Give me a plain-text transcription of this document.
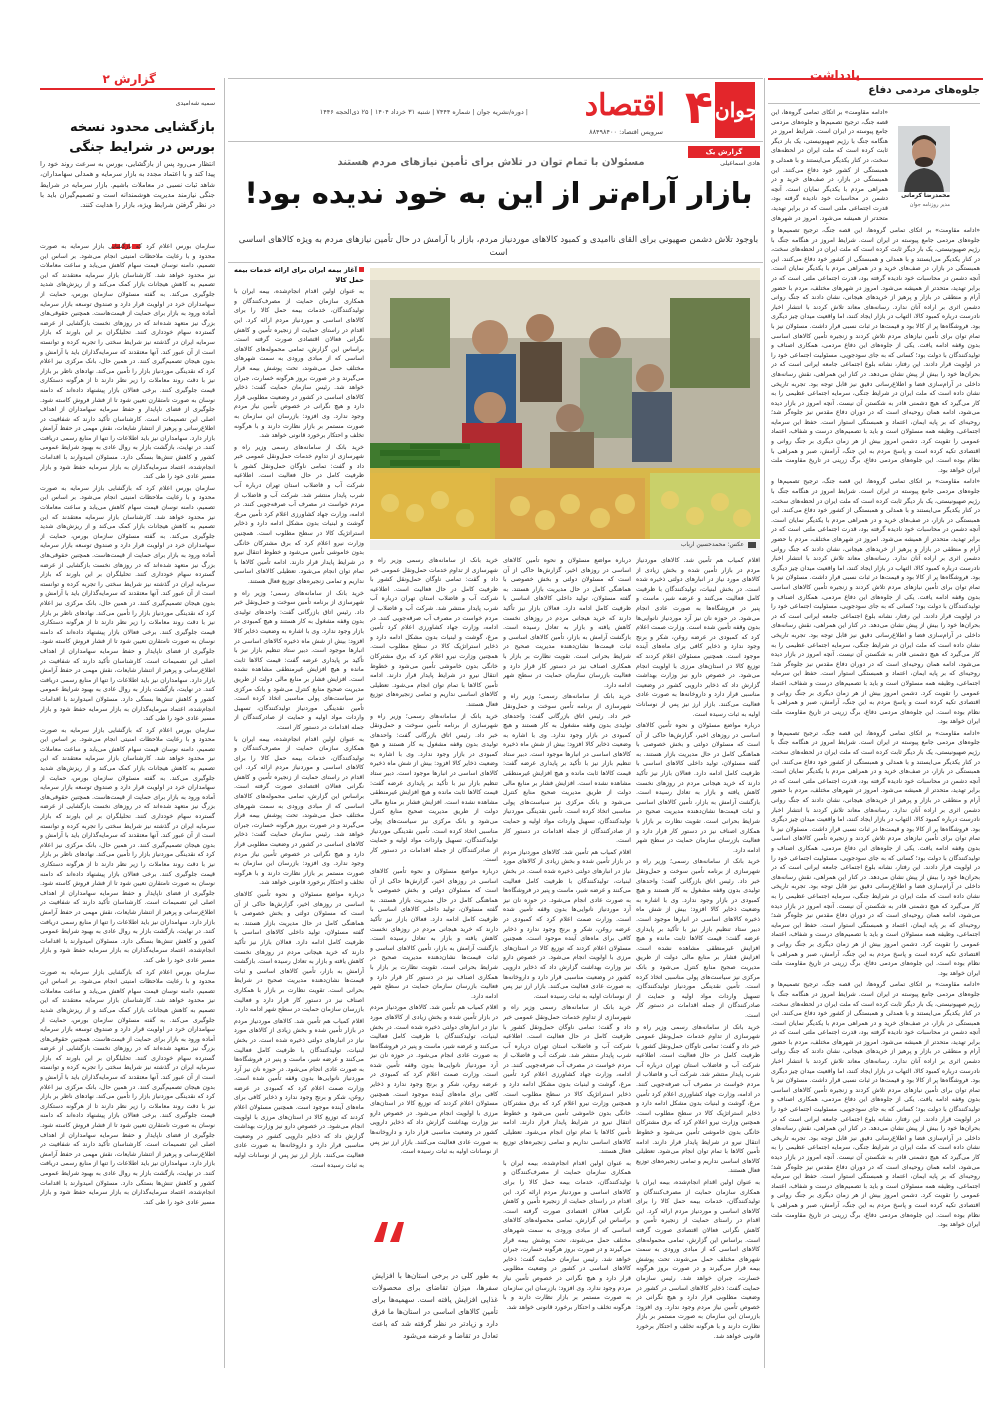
جوان
۴
اقتصاد
| دوره/نشریه جوان | شماره ۷۴۴۴ | شنبه ۳۱ خرداد ۱۴۰۴ | ۲۵ ذی‌الحجه ۱۴۴۶
سرویس اقتصاد: ۸۸۴۹۸۴۰۰
یادداشت
جلوه‌های مردمی دفاع
محمدرضا کرمانی
مدیر روزنامه جوان

«ادامه مقاومت» بر اتکای تمامی گروه‌ها، این قصه جنگ، ترجیح تصمیم‌ها و جلوه‌های مردمی جامع پیوسته در ایران است. شرایط امروز در هنگامه جنگ با رژیم صهیونیستی، یک بار دیگر ثابت کرده است که ملت ایران در لحظه‌های سخت، در کنار یکدیگر می‌ایستند و با همدلی و همبستگی از کشور خود دفاع می‌کنند. این همبستگی در بازار، در صف‌های خرید و در همراهی مردم با یکدیگر نمایان است. آنچه دشمن در محاسبات خود نادیده گرفته بود، قدرت اجتماعی ملتی است که در برابر تهدید، متحدتر از همیشه می‌شود. امروز در شهرهای

«ادامه مقاومت» بر اتکای تمامی گروه‌ها، این قصه جنگ، ترجیح تصمیم‌ها و جلوه‌های مردمی جامع پیوسته در ایران است. شرایط امروز در هنگامه جنگ با رژیم صهیونیستی، یک بار دیگر ثابت کرده است که ملت ایران در لحظه‌های سخت، در کنار یکدیگر می‌ایستند و با همدلی و همبستگی از کشور خود دفاع می‌کنند. این همبستگی در بازار، در صف‌های خرید و در همراهی مردم با یکدیگر نمایان است. آنچه دشمن در محاسبات خود نادیده گرفته بود، قدرت اجتماعی ملتی است که در برابر تهدید، متحدتر از همیشه می‌شود. امروز در شهرهای مختلف، مردم با حضور آرام و منطقی در بازار و پرهیز از خریدهای هیجانی، نشان دادند که جنگ روانی دشمن اثری بر اراده آنان ندارد. رسانه‌های معاند تلاش کردند با انتشار اخبار نادرست درباره کمبود کالا، التهاب در بازار ایجاد کنند، اما واقعیت میدان چیز دیگری بود. فروشگاه‌ها پر از کالا بود و قیمت‌ها در ثبات نسبی قرار داشت. مسئولان نیز با تمام توان برای تأمین نیازهای مردم تلاش کردند و زنجیره تأمین کالاهای اساسی بدون وقفه ادامه یافت. یکی از جلوه‌های این دفاع مردمی، همکاری اصناف و تولیدکنندگان با دولت بود؛ کسانی که به جای سودجویی، مسئولیت اجتماعی خود را در اولویت قرار دادند. این رفتار، نشانه بلوغ اجتماعی جامعه ایرانی است که در بحران‌ها خود را بیش از پیش نشان می‌دهد. در کنار این همراهی، نقش رسانه‌های داخلی در آرام‌سازی فضا و اطلاع‌رسانی دقیق نیز قابل توجه بود. تجربه تاریخی نشان داده است که ملت ایران در شرایط جنگی، سرمایه اجتماعی عظیمی را به کار می‌گیرد که هیچ دشمنی قادر به شکستن آن نیست. آنچه امروز در بازار دیده می‌شود، ادامه همان روحیه‌ای است که در دوران دفاع مقدس نیز جلوه‌گر شد؛ روحیه‌ای که بر پایه ایمان، اعتماد و همبستگی استوار است. حفظ این سرمایه اجتماعی، وظیفه همه مسئولان است و باید با تصمیم‌های درست و شفاف، اعتماد عمومی را تقویت کرد. دشمن امروز بیش از هر زمان دیگری بر جنگ روانی و اقتصادی تکیه کرده است و پاسخ مردم به این جنگ، آرامش، صبر و همراهی با نظام بوده است. این جلوه‌های مردمی دفاع، برگ زرینی در تاریخ مقاومت ملت ایران خواهد بود.

«ادامه مقاومت» بر اتکای تمامی گروه‌ها، این قصه جنگ، ترجیح تصمیم‌ها و جلوه‌های مردمی جامع پیوسته در ایران است. شرایط امروز در هنگامه جنگ با رژیم صهیونیستی، یک بار دیگر ثابت کرده است که ملت ایران در لحظه‌های سخت، در کنار یکدیگر می‌ایستند و با همدلی و همبستگی از کشور خود دفاع می‌کنند. این همبستگی در بازار، در صف‌های خرید و در همراهی مردم با یکدیگر نمایان است. آنچه دشمن در محاسبات خود نادیده گرفته بود، قدرت اجتماعی ملتی است که در برابر تهدید، متحدتر از همیشه می‌شود. امروز در شهرهای مختلف، مردم با حضور آرام و منطقی در بازار و پرهیز از خریدهای هیجانی، نشان دادند که جنگ روانی دشمن اثری بر اراده آنان ندارد. رسانه‌های معاند تلاش کردند با انتشار اخبار نادرست درباره کمبود کالا، التهاب در بازار ایجاد کنند، اما واقعیت میدان چیز دیگری بود. فروشگاه‌ها پر از کالا بود و قیمت‌ها در ثبات نسبی قرار داشت. مسئولان نیز با تمام توان برای تأمین نیازهای مردم تلاش کردند و زنجیره تأمین کالاهای اساسی بدون وقفه ادامه یافت. یکی از جلوه‌های این دفاع مردمی، همکاری اصناف و تولیدکنندگان با دولت بود؛ کسانی که به جای سودجویی، مسئولیت اجتماعی خود را در اولویت قرار دادند. این رفتار، نشانه بلوغ اجتماعی جامعه ایرانی است که در بحران‌ها خود را بیش از پیش نشان می‌دهد. در کنار این همراهی، نقش رسانه‌های داخلی در آرام‌سازی فضا و اطلاع‌رسانی دقیق نیز قابل توجه بود. تجربه تاریخی نشان داده است که ملت ایران در شرایط جنگی، سرمایه اجتماعی عظیمی را به کار می‌گیرد که هیچ دشمنی قادر به شکستن آن نیست. آنچه امروز در بازار دیده می‌شود، ادامه همان روحیه‌ای است که در دوران دفاع مقدس نیز جلوه‌گر شد؛ روحیه‌ای که بر پایه ایمان، اعتماد و همبستگی استوار است. حفظ این سرمایه اجتماعی، وظیفه همه مسئولان است و باید با تصمیم‌های درست و شفاف، اعتماد عمومی را تقویت کرد. دشمن امروز بیش از هر زمان دیگری بر جنگ روانی و اقتصادی تکیه کرده است و پاسخ مردم به این جنگ، آرامش، صبر و همراهی با نظام بوده است. این جلوه‌های مردمی دفاع، برگ زرینی در تاریخ مقاومت ملت ایران خواهد بود.

«ادامه مقاومت» بر اتکای تمامی گروه‌ها، این قصه جنگ، ترجیح تصمیم‌ها و جلوه‌های مردمی جامع پیوسته در ایران است. شرایط امروز در هنگامه جنگ با رژیم صهیونیستی، یک بار دیگر ثابت کرده است که ملت ایران در لحظه‌های سخت، در کنار یکدیگر می‌ایستند و با همدلی و همبستگی از کشور خود دفاع می‌کنند. این همبستگی در بازار، در صف‌های خرید و در همراهی مردم با یکدیگر نمایان است. آنچه دشمن در محاسبات خود نادیده گرفته بود، قدرت اجتماعی ملتی است که در برابر تهدید، متحدتر از همیشه می‌شود. امروز در شهرهای مختلف، مردم با حضور آرام و منطقی در بازار و پرهیز از خریدهای هیجانی، نشان دادند که جنگ روانی دشمن اثری بر اراده آنان ندارد. رسانه‌های معاند تلاش کردند با انتشار اخبار نادرست درباره کمبود کالا، التهاب در بازار ایجاد کنند، اما واقعیت میدان چیز دیگری بود. فروشگاه‌ها پر از کالا بود و قیمت‌ها در ثبات نسبی قرار داشت. مسئولان نیز با تمام توان برای تأمین نیازهای مردم تلاش کردند و زنجیره تأمین کالاهای اساسی بدون وقفه ادامه یافت. یکی از جلوه‌های این دفاع مردمی، همکاری اصناف و تولیدکنندگان با دولت بود؛ کسانی که به جای سودجویی، مسئولیت اجتماعی خود را در اولویت قرار دادند. این رفتار، نشانه بلوغ اجتماعی جامعه ایرانی است که در بحران‌ها خود را بیش از پیش نشان می‌دهد. در کنار این همراهی، نقش رسانه‌های داخلی در آرام‌سازی فضا و اطلاع‌رسانی دقیق نیز قابل توجه بود. تجربه تاریخی نشان داده است که ملت ایران در شرایط جنگی، سرمایه اجتماعی عظیمی را به کار می‌گیرد که هیچ دشمنی قادر به شکستن آن نیست. آنچه امروز در بازار دیده می‌شود، ادامه همان روحیه‌ای است که در دوران دفاع مقدس نیز جلوه‌گر شد؛ روحیه‌ای که بر پایه ایمان، اعتماد و همبستگی استوار است. حفظ این سرمایه اجتماعی، وظیفه همه مسئولان است و باید با تصمیم‌های درست و شفاف، اعتماد عمومی را تقویت کرد. دشمن امروز بیش از هر زمان دیگری بر جنگ روانی و اقتصادی تکیه کرده است و پاسخ مردم به این جنگ، آرامش، صبر و همراهی با نظام بوده است. این جلوه‌های مردمی دفاع، برگ زرینی در تاریخ مقاومت ملت ایران خواهد بود.

«ادامه مقاومت» بر اتکای تمامی گروه‌ها، این قصه جنگ، ترجیح تصمیم‌ها و جلوه‌های مردمی جامع پیوسته در ایران است. شرایط امروز در هنگامه جنگ با رژیم صهیونیستی، یک بار دیگر ثابت کرده است که ملت ایران در لحظه‌های سخت، در کنار یکدیگر می‌ایستند و با همدلی و همبستگی از کشور خود دفاع می‌کنند. این همبستگی در بازار، در صف‌های خرید و در همراهی مردم با یکدیگر نمایان است. آنچه دشمن در محاسبات خود نادیده گرفته بود، قدرت اجتماعی ملتی است که در برابر تهدید، متحدتر از همیشه می‌شود. امروز در شهرهای مختلف، مردم با حضور آرام و منطقی در بازار و پرهیز از خریدهای هیجانی، نشان دادند که جنگ روانی دشمن اثری بر اراده آنان ندارد. رسانه‌های معاند تلاش کردند با انتشار اخبار نادرست درباره کمبود کالا، التهاب در بازار ایجاد کنند، اما واقعیت میدان چیز دیگری بود. فروشگاه‌ها پر از کالا بود و قیمت‌ها در ثبات نسبی قرار داشت. مسئولان نیز با تمام توان برای تأمین نیازهای مردم تلاش کردند و زنجیره تأمین کالاهای اساسی بدون وقفه ادامه یافت. یکی از جلوه‌های این دفاع مردمی، همکاری اصناف و تولیدکنندگان با دولت بود؛ کسانی که به جای سودجویی، مسئولیت اجتماعی خود را در اولویت قرار دادند. این رفتار، نشانه بلوغ اجتماعی جامعه ایرانی است که در بحران‌ها خود را بیش از پیش نشان می‌دهد. در کنار این همراهی، نقش رسانه‌های داخلی در آرام‌سازی فضا و اطلاع‌رسانی دقیق نیز قابل توجه بود. تجربه تاریخی نشان داده است که ملت ایران در شرایط جنگی، سرمایه اجتماعی عظیمی را به کار می‌گیرد که هیچ دشمنی قادر به شکستن آن نیست. آنچه امروز در بازار دیده می‌شود، ادامه همان روحیه‌ای است که در دوران دفاع مقدس نیز جلوه‌گر شد؛ روحیه‌ای که بر پایه ایمان، اعتماد و همبستگی استوار است. حفظ این سرمایه اجتماعی، وظیفه همه مسئولان است و باید با تصمیم‌های درست و شفاف، اعتماد عمومی را تقویت کرد. دشمن امروز بیش از هر زمان دیگری بر جنگ روانی و اقتصادی تکیه کرده است و پاسخ مردم به این جنگ، آرامش، صبر و همراهی با نظام بوده است. این جلوه‌های مردمی دفاع، برگ زرینی در تاریخ مقاومت ملت ایران خواهد بود.

گزارش یک
هادی اسماعیلی
مسئولان با تمام توان در تلاش برای تأمین نیازهای مردم هستند
بازار آرام‌تر از این به خود ندیده بود!
باوجود تلاش دشمن صهیونی برای القای ناامیدی و کمبود کالاهای موردنیاز مردم، بازار با آرامش در حال تأمین نیازهای مردم به ویژه کالاهای اساسی است
عکس: محمدحسین ارباب

آغاز بیمه ایران برای ارائه خدمات بیمه حمل کالا

به عنوان اولین اقدام انجام‌شده، بیمه ایران با همکاری سازمان حمایت از مصرف‌کنندگان و تولیدکنندگان، خدمات بیمه حمل کالا را برای کالاهای اساسی و موردنیاز مردم ارائه کرد. این اقدام در راستای حمایت از زنجیره تأمین و کاهش نگرانی فعالان اقتصادی صورت گرفته است. براساس این گزارش، تمامی محموله‌های کالاهای اساسی که از مبادی ورودی به سمت شهرهای مختلف حمل می‌شوند، تحت پوشش بیمه قرار می‌گیرند و در صورت بروز هرگونه خسارت، جبران خواهد شد. رئیس سازمان حمایت گفت: ذخایر کالاهای اساسی در کشور در وضعیت مطلوبی قرار دارد و هیچ نگرانی در خصوص تأمین نیاز مردم وجود ندارد. وی افزود: بازرسان این سازمان به صورت مستمر بر بازار نظارت دارند و با هرگونه تخلف و احتکار برخورد قانونی خواهد شد.

خرید بانک از سامانه‌های رسمی وزیر راه و شهرسازی از تداوم خدمات حمل‌ونقل عمومی خبر داد و گفت: تمامی ناوگان حمل‌ونقل کشور با ظرفیت کامل در حال فعالیت است. اطلاعیه شرکت آب و فاضلاب استان تهران درباره آب شرب پایدار منتشر شد. شرکت آب و فاضلاب از مردم خواست در مصرف آب صرفه‌جویی کنند. در ادامه، وزارت جهاد کشاورزی اعلام کرد تأمین مرغ، گوشت و لبنیات بدون مشکل ادامه دارد و ذخایر استراتژیک کالا در سطح مطلوب است. همچنین وزارت نیرو اعلام کرد که برق مشترکان خانگی بدون خاموشی تأمین می‌شود و خطوط انتقال نیرو در شرایط پایدار قرار دارند. ادامه تأمین کالاها با تمام توان انجام می‌شود. تعطیلی کالاهای اساسی نداریم و تمامی زنجیره‌های توزیع فعال هستند.

خرید بانک از سامانه‌های رسمی؛ وزیر راه و شهرسازی از برنامه تأمین سوخت و حمل‌ونقل خبر داد. رئیس اتاق بازرگانی گفت: واحدهای تولیدی بدون وقفه مشغول به کار هستند و هیچ کمبودی در بازار وجود ندارد. وی با اشاره به وضعیت ذخایر کالا افزود: بیش از شش ماه ذخیره کالاهای اساسی در انبارها موجود است. دبیر ستاد تنظیم بازار نیز با تأکید بر پایداری عرضه گفت: قیمت کالاها ثابت مانده و هیچ افزایش غیرمنطقی مشاهده نشده است. افزایش فشار بر منابع مالی دولت از طریق مدیریت صحیح منابع کنترل می‌شود و بانک مرکزی نیز سیاست‌های پولی مناسبی اتخاذ کرده است. تأمین نقدینگی موردنیاز تولیدکنندگان، تسهیل واردات مواد اولیه و حمایت از صادرکنندگان از جمله اقدامات در دستور کار است.

به عنوان اولین اقدام انجام‌شده، بیمه ایران با همکاری سازمان حمایت از مصرف‌کنندگان و تولیدکنندگان، خدمات بیمه حمل کالا را برای کالاهای اساسی و موردنیاز مردم ارائه کرد. این اقدام در راستای حمایت از زنجیره تأمین و کاهش نگرانی فعالان اقتصادی صورت گرفته است. براساس این گزارش، تمامی محموله‌های کالاهای اساسی که از مبادی ورودی به سمت شهرهای مختلف حمل می‌شوند، تحت پوشش بیمه قرار می‌گیرند و در صورت بروز هرگونه خسارت، جبران خواهد شد. رئیس سازمان حمایت گفت: ذخایر کالاهای اساسی در کشور در وضعیت مطلوبی قرار دارد و هیچ نگرانی در خصوص تأمین نیاز مردم وجود ندارد. وی افزود: بازرسان این سازمان به صورت مستمر بر بازار نظارت دارند و با هرگونه تخلف و احتکار برخورد قانونی خواهد شد.

درباره مواضع مسئولان و نحوه تأمین کالاهای اساسی در روزهای اخیر، گزارش‌ها حاکی از آن است که مسئولان دولتی و بخش خصوصی با هماهنگی کامل در حال مدیریت بازار هستند. به گفته مسئولان، تولید داخلی کالاهای اساسی با ظرفیت کامل ادامه دارد. فعالان بازار نیز تأکید دارند که خرید هیجانی مردم در روزهای نخست کاهش یافته و بازار به تعادل رسیده است. بازگشت آرامش به بازار، تأمین کالاهای اساسی و ثبات قیمت‌ها نشان‌دهنده مدیریت صحیح در شرایط بحرانی است. تقویت نظارت بر بازار با همکاری اصناف نیز در دستور کار قرار دارد و فعالیت بازرسان سازمان حمایت در سطح شهر ادامه دارد.

اقلام کمیاب هم تأمین شد. کالاهای موردنیاز مردم در بازار تأمین شده و بخش زیادی از کالاهای مورد نیاز در انبارهای دولتی ذخیره شده است. در بخش لبنیات، تولیدکنندگان با ظرفیت کامل فعالیت می‌کنند و عرضه شیر، ماست و پنیر در فروشگاه‌ها به صورت عادی انجام می‌شود. در حوزه نان نیز آرد موردنیاز نانوایی‌ها بدون وقفه تأمین شده است. وزارت صمت اعلام کرد که کمبودی در عرضه روغن، شکر و برنج وجود ندارد و ذخایر کافی برای ماه‌های آینده موجود است. همچنین مسئولان اعلام کردند که توزیع کالا در استان‌های مرزی با اولویت انجام می‌شود. در خصوص دارو نیز وزارت بهداشت گزارش داد که ذخایر دارویی کشور در وضعیت مناسبی قرار دارد و داروخانه‌ها به صورت عادی فعالیت می‌کنند. بازار ارز نیز پس از نوسانات اولیه به ثبات رسیده است.

خرید بانک از سامانه‌های رسمی وزیر راه و شهرسازی از تداوم خدمات حمل‌ونقل عمومی خبر داد و گفت: تمامی ناوگان حمل‌ونقل کشور با ظرفیت کامل در حال فعالیت است. اطلاعیه شرکت آب و فاضلاب استان تهران درباره آب شرب پایدار منتشر شد. شرکت آب و فاضلاب از مردم خواست در مصرف آب صرفه‌جویی کنند. در ادامه، وزارت جهاد کشاورزی اعلام کرد تأمین مرغ، گوشت و لبنیات بدون مشکل ادامه دارد و ذخایر استراتژیک کالا در سطح مطلوب است. همچنین وزارت نیرو اعلام کرد که برق مشترکان خانگی بدون خاموشی تأمین می‌شود و خطوط انتقال نیرو در شرایط پایدار قرار دارند. ادامه تأمین کالاها با تمام توان انجام می‌شود. تعطیلی کالاهای اساسی نداریم و تمامی زنجیره‌های توزیع فعال هستند.

خرید بانک از سامانه‌های رسمی؛ وزیر راه و شهرسازی از برنامه تأمین سوخت و حمل‌ونقل خبر داد. رئیس اتاق بازرگانی گفت: واحدهای تولیدی بدون وقفه مشغول به کار هستند و هیچ کمبودی در بازار وجود ندارد. وی با اشاره به وضعیت ذخایر کالا افزود: بیش از شش ماه ذخیره کالاهای اساسی در انبارها موجود است. دبیر ستاد تنظیم بازار نیز با تأکید بر پایداری عرضه گفت: قیمت کالاها ثابت مانده و هیچ افزایش غیرمنطقی مشاهده نشده است. افزایش فشار بر منابع مالی دولت از طریق مدیریت صحیح منابع کنترل می‌شود و بانک مرکزی نیز سیاست‌های پولی مناسبی اتخاذ کرده است. تأمین نقدینگی موردنیاز تولیدکنندگان، تسهیل واردات مواد اولیه و حمایت از صادرکنندگان از جمله اقدامات در دستور کار است.

درباره مواضع مسئولان و نحوه تأمین کالاهای اساسی در روزهای اخیر، گزارش‌ها حاکی از آن است که مسئولان دولتی و بخش خصوصی با هماهنگی کامل در حال مدیریت بازار هستند. به گفته مسئولان، تولید داخلی کالاهای اساسی با ظرفیت کامل ادامه دارد. فعالان بازار نیز تأکید دارند که خرید هیجانی مردم در روزهای نخست کاهش یافته و بازار به تعادل رسیده است. بازگشت آرامش به بازار، تأمین کالاهای اساسی و ثبات قیمت‌ها نشان‌دهنده مدیریت صحیح در شرایط بحرانی است. تقویت نظارت بر بازار با همکاری اصناف نیز در دستور کار قرار دارد و فعالیت بازرسان سازمان حمایت در سطح شهر ادامه دارد.

اقلام کمیاب هم تأمین شد. کالاهای موردنیاز مردم در بازار تأمین شده و بخش زیادی از کالاهای مورد نیاز در انبارهای دولتی ذخیره شده است. در بخش لبنیات، تولیدکنندگان با ظرفیت کامل فعالیت می‌کنند و عرضه شیر، ماست و پنیر در فروشگاه‌ها به صورت عادی انجام می‌شود. در حوزه نان نیز آرد موردنیاز نانوایی‌ها بدون وقفه تأمین شده است. وزارت صمت اعلام کرد که کمبودی در عرضه روغن، شکر و برنج وجود ندارد و ذخایر کافی برای ماه‌های آینده موجود است. همچنین مسئولان اعلام کردند که توزیع کالا در استان‌های مرزی با اولویت انجام می‌شود. در خصوص دارو نیز وزارت بهداشت گزارش داد که ذخایر دارویی کشور در وضعیت مناسبی قرار دارد و داروخانه‌ها به صورت عادی فعالیت می‌کنند. بازار ارز نیز پس از نوسانات اولیه به ثبات رسیده است.

درباره مواضع مسئولان و نحوه تأمین کالاهای اساسی در روزهای اخیر، گزارش‌ها حاکی از آن است که مسئولان دولتی و بخش خصوصی با هماهنگی کامل در حال مدیریت بازار هستند. به گفته مسئولان، تولید داخلی کالاهای اساسی با ظرفیت کامل ادامه دارد. فعالان بازار نیز تأکید دارند که خرید هیجانی مردم در روزهای نخست کاهش یافته و بازار به تعادل رسیده است. بازگشت آرامش به بازار، تأمین کالاهای اساسی و ثبات قیمت‌ها نشان‌دهنده مدیریت صحیح در شرایط بحرانی است. تقویت نظارت بر بازار با همکاری اصناف نیز در دستور کار قرار دارد و فعالیت بازرسان سازمان حمایت در سطح شهر ادامه دارد.

خرید بانک از سامانه‌های رسمی؛ وزیر راه و شهرسازی از برنامه تأمین سوخت و حمل‌ونقل خبر داد. رئیس اتاق بازرگانی گفت: واحدهای تولیدی بدون وقفه مشغول به کار هستند و هیچ کمبودی در بازار وجود ندارد. وی با اشاره به وضعیت ذخایر کالا افزود: بیش از شش ماه ذخیره کالاهای اساسی در انبارها موجود است. دبیر ستاد تنظیم بازار نیز با تأکید بر پایداری عرضه گفت: قیمت کالاها ثابت مانده و هیچ افزایش غیرمنطقی مشاهده نشده است. افزایش فشار بر منابع مالی دولت از طریق مدیریت صحیح منابع کنترل می‌شود و بانک مرکزی نیز سیاست‌های پولی مناسبی اتخاذ کرده است. تأمین نقدینگی موردنیاز تولیدکنندگان، تسهیل واردات مواد اولیه و حمایت از صادرکنندگان از جمله اقدامات در دستور کار است.

اقلام کمیاب هم تأمین شد. کالاهای موردنیاز مردم در بازار تأمین شده و بخش زیادی از کالاهای مورد نیاز در انبارهای دولتی ذخیره شده است. در بخش لبنیات، تولیدکنندگان با ظرفیت کامل فعالیت می‌کنند و عرضه شیر، ماست و پنیر در فروشگاه‌ها به صورت عادی انجام می‌شود. در حوزه نان نیز آرد موردنیاز نانوایی‌ها بدون وقفه تأمین شده است. وزارت صمت اعلام کرد که کمبودی در عرضه روغن، شکر و برنج وجود ندارد و ذخایر کافی برای ماه‌های آینده موجود است. همچنین مسئولان اعلام کردند که توزیع کالا در استان‌های مرزی با اولویت انجام می‌شود. در خصوص دارو نیز وزارت بهداشت گزارش داد که ذخایر دارویی کشور در وضعیت مناسبی قرار دارد و داروخانه‌ها به صورت عادی فعالیت می‌کنند. بازار ارز نیز پس از نوسانات اولیه به ثبات رسیده است.

خرید بانک از سامانه‌های رسمی وزیر راه و شهرسازی از تداوم خدمات حمل‌ونقل عمومی خبر داد و گفت: تمامی ناوگان حمل‌ونقل کشور با ظرفیت کامل در حال فعالیت است. اطلاعیه شرکت آب و فاضلاب استان تهران درباره آب شرب پایدار منتشر شد. شرکت آب و فاضلاب از مردم خواست در مصرف آب صرفه‌جویی کنند. در ادامه، وزارت جهاد کشاورزی اعلام کرد تأمین مرغ، گوشت و لبنیات بدون مشکل ادامه دارد و ذخایر استراتژیک کالا در سطح مطلوب است. همچنین وزارت نیرو اعلام کرد که برق مشترکان خانگی بدون خاموشی تأمین می‌شود و خطوط انتقال نیرو در شرایط پایدار قرار دارند. ادامه تأمین کالاها با تمام توان انجام می‌شود. تعطیلی کالاهای اساسی نداریم و تمامی زنجیره‌های توزیع فعال هستند.

به عنوان اولین اقدام انجام‌شده، بیمه ایران با همکاری سازمان حمایت از مصرف‌کنندگان و تولیدکنندگان، خدمات بیمه حمل کالا را برای کالاهای اساسی و موردنیاز مردم ارائه کرد. این اقدام در راستای حمایت از زنجیره تأمین و کاهش نگرانی فعالان اقتصادی صورت گرفته است. براساس این گزارش، تمامی محموله‌های کالاهای اساسی که از مبادی ورودی به سمت شهرهای مختلف حمل می‌شوند، تحت پوشش بیمه قرار می‌گیرند و در صورت بروز هرگونه خسارت، جبران خواهد شد. رئیس سازمان حمایت گفت: ذخایر کالاهای اساسی در کشور در وضعیت مطلوبی قرار دارد و هیچ نگرانی در خصوص تأمین نیاز مردم وجود ندارد. وی افزود: بازرسان این سازمان به صورت مستمر بر بازار نظارت دارند و با هرگونه تخلف و احتکار برخورد قانونی خواهد شد.

اقلام کمیاب هم تأمین شد. کالاهای موردنیاز مردم در بازار تأمین شده و بخش زیادی از کالاهای مورد نیاز در انبارهای دولتی ذخیره شده است. در بخش لبنیات، تولیدکنندگان با ظرفیت کامل فعالیت می‌کنند و عرضه شیر، ماست و پنیر در فروشگاه‌ها به صورت عادی انجام می‌شود. در حوزه نان نیز آرد موردنیاز نانوایی‌ها بدون وقفه تأمین شده است. وزارت صمت اعلام کرد که کمبودی در عرضه روغن، شکر و برنج وجود ندارد و ذخایر کافی برای ماه‌های آینده موجود است. همچنین مسئولان اعلام کردند که توزیع کالا در استان‌های مرزی با اولویت انجام می‌شود. در خصوص دارو نیز وزارت بهداشت گزارش داد که ذخایر دارویی کشور در وضعیت مناسبی قرار دارد و داروخانه‌ها به صورت عادی فعالیت می‌کنند. بازار ارز نیز پس از نوسانات اولیه به ثبات رسیده است.

درباره مواضع مسئولان و نحوه تأمین کالاهای اساسی در روزهای اخیر، گزارش‌ها حاکی از آن است که مسئولان دولتی و بخش خصوصی با هماهنگی کامل در حال مدیریت بازار هستند. به گفته مسئولان، تولید داخلی کالاهای اساسی با ظرفیت کامل ادامه دارد. فعالان بازار نیز تأکید دارند که خرید هیجانی مردم در روزهای نخست کاهش یافته و بازار به تعادل رسیده است. بازگشت آرامش به بازار، تأمین کالاهای اساسی و ثبات قیمت‌ها نشان‌دهنده مدیریت صحیح در شرایط بحرانی است. تقویت نظارت بر بازار با همکاری اصناف نیز در دستور کار قرار دارد و فعالیت بازرسان سازمان حمایت در سطح شهر ادامه دارد.

خرید بانک از سامانه‌های رسمی؛ وزیر راه و شهرسازی از برنامه تأمین سوخت و حمل‌ونقل خبر داد. رئیس اتاق بازرگانی گفت: واحدهای تولیدی بدون وقفه مشغول به کار هستند و هیچ کمبودی در بازار وجود ندارد. وی با اشاره به وضعیت ذخایر کالا افزود: بیش از شش ماه ذخیره کالاهای اساسی در انبارها موجود است. دبیر ستاد تنظیم بازار نیز با تأکید بر پایداری عرضه گفت: قیمت کالاها ثابت مانده و هیچ افزایش غیرمنطقی مشاهده نشده است. افزایش فشار بر منابع مالی دولت از طریق مدیریت صحیح منابع کنترل می‌شود و بانک مرکزی نیز سیاست‌های پولی مناسبی اتخاذ کرده است. تأمین نقدینگی موردنیاز تولیدکنندگان، تسهیل واردات مواد اولیه و حمایت از صادرکنندگان از جمله اقدامات در دستور کار است.

خرید بانک از سامانه‌های رسمی وزیر راه و شهرسازی از تداوم خدمات حمل‌ونقل عمومی خبر داد و گفت: تمامی ناوگان حمل‌ونقل کشور با ظرفیت کامل در حال فعالیت است. اطلاعیه شرکت آب و فاضلاب استان تهران درباره آب شرب پایدار منتشر شد. شرکت آب و فاضلاب از مردم خواست در مصرف آب صرفه‌جویی کنند. در ادامه، وزارت جهاد کشاورزی اعلام کرد تأمین مرغ، گوشت و لبنیات بدون مشکل ادامه دارد و ذخایر استراتژیک کالا در سطح مطلوب است. همچنین وزارت نیرو اعلام کرد که برق مشترکان خانگی بدون خاموشی تأمین می‌شود و خطوط انتقال نیرو در شرایط پایدار قرار دارند. ادامه تأمین کالاها با تمام توان انجام می‌شود. تعطیلی کالاهای اساسی نداریم و تمامی زنجیره‌های توزیع فعال هستند.

به عنوان اولین اقدام انجام‌شده، بیمه ایران با همکاری سازمان حمایت از مصرف‌کنندگان و تولیدکنندگان، خدمات بیمه حمل کالا را برای کالاهای اساسی و موردنیاز مردم ارائه کرد. این اقدام در راستای حمایت از زنجیره تأمین و کاهش نگرانی فعالان اقتصادی صورت گرفته است. براساس این گزارش، تمامی محموله‌های کالاهای اساسی که از مبادی ورودی به سمت شهرهای مختلف حمل می‌شوند، تحت پوشش بیمه قرار می‌گیرند و در صورت بروز هرگونه خسارت، جبران خواهد شد. رئیس سازمان حمایت گفت: ذخایر کالاهای اساسی در کشور در وضعیت مطلوبی قرار دارد و هیچ نگرانی در خصوص تأمین نیاز مردم وجود ندارد. وی افزود: بازرسان این سازمان به صورت مستمر بر بازار نظارت دارند و با هرگونه تخلف و احتکار برخورد قانونی خواهد شد.

به طور کلی در برخی استان‌ها با افزایش سفرها، میزان تقاضای برای محصولات غذایی افزایش یافته است. سهمیه‌ها برای تأمین کالاهای اساسی در استان‌ها ما فرق دارد و زیادتر در نظر گرفته شد که باعث تعادل در تقاضا و عرضه می‌شود
گزارش ۲
سمیه شه‌امیدی
بازگشایی محدود نسخه بورس در شرایط جنگی

انتظار می‌رود پس از بازگشایی، بورس به سرعت روند خود را پیدا کند و با اعتماد مجدد به بازار سرمایه و همدلی سهامداران، شاهد ثبات نسبی در معاملات باشیم. بازار سرمایه در شرایط جنگی نیازمند مدیریت هوشمندانه است و تصمیم‌گیران باید با در نظر گرفتن شرایط ویژه، بازار را هدایت کنند.

سازمان بورس اعلام کرد که بازگشایی بازار سرمایه به صورت محدود و با رعایت ملاحظات امنیتی انجام می‌شود. بر اساس این تصمیم، دامنه نوسان قیمت سهام کاهش می‌یابد و ساعت معاملات نیز محدود خواهد شد. کارشناسان بازار سرمایه معتقدند که این تصمیم به کاهش هیجانات بازار کمک می‌کند و از ریزش‌های شدید جلوگیری می‌کند. به گفته مسئولان سازمان بورس، حمایت از سهامداران خرد در اولویت قرار دارد و صندوق توسعه بازار سرمایه آماده ورود به بازار برای حمایت از قیمت‌هاست. همچنین حقوقی‌های بزرگ نیز متعهد شده‌اند که در روزهای نخست بازگشایی از عرضه گسترده سهام خودداری کنند. تحلیلگران بر این باورند که بازار سرمایه ایران در گذشته نیز شرایط سختی را تجربه کرده و توانسته است از آن عبور کند. آنها معتقدند که سرمایه‌گذاران باید با آرامش و بدون هیجان تصمیم‌گیری کنند. در همین حال، بانک مرکزی نیز اعلام کرد که نقدینگی موردنیاز بازار را تأمین می‌کند. نهادهای ناظر بر بازار نیز با دقت روند معاملات را زیر نظر دارند تا از هرگونه دستکاری قیمت جلوگیری کنند. برخی فعالان بازار پیشنهاد داده‌اند که دامنه نوسان به صورت نامتقارن تعیین شود تا از فشار فروش کاسته شود. جلوگیری از فضای ناپایدار و حفظ سرمایه سهامداران از اهداف اصلی این تصمیمات است. کارشناسان تأکید دارند که شفافیت در اطلاع‌رسانی و پرهیز از انتشار شایعات، نقش مهمی در حفظ آرامش بازار دارد. سهامداران نیز باید اطلاعات را تنها از منابع رسمی دریافت کنند. در نهایت، بازگشت بازار به روال عادی به بهبود شرایط عمومی کشور و کاهش تنش‌ها بستگی دارد. مسئولان امیدوارند با اقدامات انجام‌شده، اعتماد سرمایه‌گذاران به بازار سرمایه حفظ شود و بازار مسیر عادی خود را طی کند.

سازمان بورس اعلام کرد که بازگشایی بازار سرمایه به صورت محدود و با رعایت ملاحظات امنیتی انجام می‌شود. بر اساس این تصمیم، دامنه نوسان قیمت سهام کاهش می‌یابد و ساعت معاملات نیز محدود خواهد شد. کارشناسان بازار سرمایه معتقدند که این تصمیم به کاهش هیجانات بازار کمک می‌کند و از ریزش‌های شدید جلوگیری می‌کند. به گفته مسئولان سازمان بورس، حمایت از سهامداران خرد در اولویت قرار دارد و صندوق توسعه بازار سرمایه آماده ورود به بازار برای حمایت از قیمت‌هاست. همچنین حقوقی‌های بزرگ نیز متعهد شده‌اند که در روزهای نخست بازگشایی از عرضه گسترده سهام خودداری کنند. تحلیلگران بر این باورند که بازار سرمایه ایران در گذشته نیز شرایط سختی را تجربه کرده و توانسته است از آن عبور کند. آنها معتقدند که سرمایه‌گذاران باید با آرامش و بدون هیجان تصمیم‌گیری کنند. در همین حال، بانک مرکزی نیز اعلام کرد که نقدینگی موردنیاز بازار را تأمین می‌کند. نهادهای ناظر بر بازار نیز با دقت روند معاملات را زیر نظر دارند تا از هرگونه دستکاری قیمت جلوگیری کنند. برخی فعالان بازار پیشنهاد داده‌اند که دامنه نوسان به صورت نامتقارن تعیین شود تا از فشار فروش کاسته شود. جلوگیری از فضای ناپایدار و حفظ سرمایه سهامداران از اهداف اصلی این تصمیمات است. کارشناسان تأکید دارند که شفافیت در اطلاع‌رسانی و پرهیز از انتشار شایعات، نقش مهمی در حفظ آرامش بازار دارد. سهامداران نیز باید اطلاعات را تنها از منابع رسمی دریافت کنند. در نهایت، بازگشت بازار به روال عادی به بهبود شرایط عمومی کشور و کاهش تنش‌ها بستگی دارد. مسئولان امیدوارند با اقدامات انجام‌شده، اعتماد سرمایه‌گذاران به بازار سرمایه حفظ شود و بازار مسیر عادی خود را طی کند.

سازمان بورس اعلام کرد که بازگشایی بازار سرمایه به صورت محدود و با رعایت ملاحظات امنیتی انجام می‌شود. بر اساس این تصمیم، دامنه نوسان قیمت سهام کاهش می‌یابد و ساعت معاملات نیز محدود خواهد شد. کارشناسان بازار سرمایه معتقدند که این تصمیم به کاهش هیجانات بازار کمک می‌کند و از ریزش‌های شدید جلوگیری می‌کند. به گفته مسئولان سازمان بورس، حمایت از سهامداران خرد در اولویت قرار دارد و صندوق توسعه بازار سرمایه آماده ورود به بازار برای حمایت از قیمت‌هاست. همچنین حقوقی‌های بزرگ نیز متعهد شده‌اند که در روزهای نخست بازگشایی از عرضه گسترده سهام خودداری کنند. تحلیلگران بر این باورند که بازار سرمایه ایران در گذشته نیز شرایط سختی را تجربه کرده و توانسته است از آن عبور کند. آنها معتقدند که سرمایه‌گذاران باید با آرامش و بدون هیجان تصمیم‌گیری کنند. در همین حال، بانک مرکزی نیز اعلام کرد که نقدینگی موردنیاز بازار را تأمین می‌کند. نهادهای ناظر بر بازار نیز با دقت روند معاملات را زیر نظر دارند تا از هرگونه دستکاری قیمت جلوگیری کنند. برخی فعالان بازار پیشنهاد داده‌اند که دامنه نوسان به صورت نامتقارن تعیین شود تا از فشار فروش کاسته شود. جلوگیری از فضای ناپایدار و حفظ سرمایه سهامداران از اهداف اصلی این تصمیمات است. کارشناسان تأکید دارند که شفافیت در اطلاع‌رسانی و پرهیز از انتشار شایعات، نقش مهمی در حفظ آرامش بازار دارد. سهامداران نیز باید اطلاعات را تنها از منابع رسمی دریافت کنند. در نهایت، بازگشت بازار به روال عادی به بهبود شرایط عمومی کشور و کاهش تنش‌ها بستگی دارد. مسئولان امیدوارند با اقدامات انجام‌شده، اعتماد سرمایه‌گذاران به بازار سرمایه حفظ شود و بازار مسیر عادی خود را طی کند.

سازمان بورس اعلام کرد که بازگشایی بازار سرمایه به صورت محدود و با رعایت ملاحظات امنیتی انجام می‌شود. بر اساس این تصمیم، دامنه نوسان قیمت سهام کاهش می‌یابد و ساعت معاملات نیز محدود خواهد شد. کارشناسان بازار سرمایه معتقدند که این تصمیم به کاهش هیجانات بازار کمک می‌کند و از ریزش‌های شدید جلوگیری می‌کند. به گفته مسئولان سازمان بورس، حمایت از سهامداران خرد در اولویت قرار دارد و صندوق توسعه بازار سرمایه آماده ورود به بازار برای حمایت از قیمت‌هاست. همچنین حقوقی‌های بزرگ نیز متعهد شده‌اند که در روزهای نخست بازگشایی از عرضه گسترده سهام خودداری کنند. تحلیلگران بر این باورند که بازار سرمایه ایران در گذشته نیز شرایط سختی را تجربه کرده و توانسته است از آن عبور کند. آنها معتقدند که سرمایه‌گذاران باید با آرامش و بدون هیجان تصمیم‌گیری کنند. در همین حال، بانک مرکزی نیز اعلام کرد که نقدینگی موردنیاز بازار را تأمین می‌کند. نهادهای ناظر بر بازار نیز با دقت روند معاملات را زیر نظر دارند تا از هرگونه دستکاری قیمت جلوگیری کنند. برخی فعالان بازار پیشنهاد داده‌اند که دامنه نوسان به صورت نامتقارن تعیین شود تا از فشار فروش کاسته شود. جلوگیری از فضای ناپایدار و حفظ سرمایه سهامداران از اهداف اصلی این تصمیمات است. کارشناسان تأکید دارند که شفافیت در اطلاع‌رسانی و پرهیز از انتشار شایعات، نقش مهمی در حفظ آرامش بازار دارد. سهامداران نیز باید اطلاعات را تنها از منابع رسمی دریافت کنند. در نهایت، بازگشت بازار به روال عادی به بهبود شرایط عمومی کشور و کاهش تنش‌ها بستگی دارد. مسئولان امیدوارند با اقدامات انجام‌شده، اعتماد سرمایه‌گذاران به بازار سرمایه حفظ شود و بازار مسیر عادی خود را طی کند.
